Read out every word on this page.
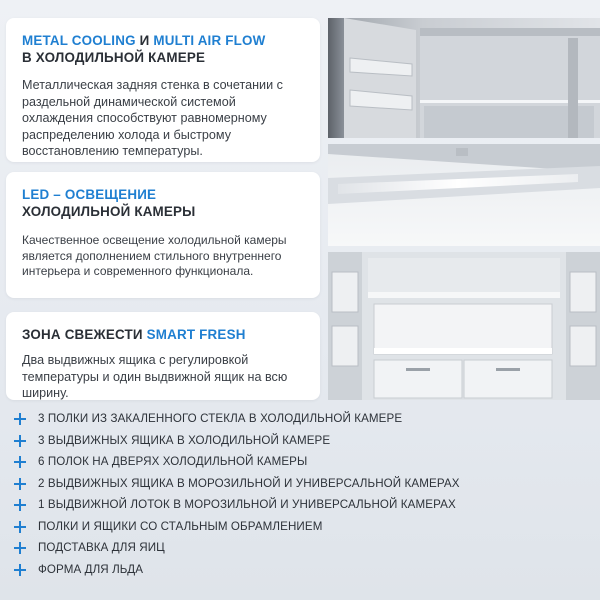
METAL COOLING И MULTI AIR FLOW
В ХОЛОДИЛЬНОЙ КАМЕРЕ

Металлическая задняя стенка в сочетании с раздельной динамической системой охлаждения способствуют равномерному распределению холода и быстрому восстановлению температуры.

LED – ОСВЕЩЕНИЕ
ХОЛОДИЛЬНОЙ КАМЕРЫ

Качественное освещение холодильной камеры является дополнением стильного внутреннего интерьера и современного функционала.

ЗОНА СВЕЖЕСТИ SMART FRESH

Два выдвижных ящика с регулировкой температуры и один выдвижной ящик на всю ширину.

3 ПОЛКИ ИЗ ЗАКАЛЕННОГО СТЕКЛА В ХОЛОДИЛЬНОЙ КАМЕРЕ
3 ВЫДВИЖНЫХ ЯЩИКА В ХОЛОДИЛЬНОЙ КАМЕРЕ
6 ПОЛОК НА ДВЕРЯХ ХОЛОДИЛЬНОЙ КАМЕРЫ
2 ВЫДВИЖНЫХ ЯЩИКА В МОРОЗИЛЬНОЙ И УНИВЕРСАЛЬНОЙ КАМЕРАХ
1 ВЫДВИЖНОЙ ЛОТОК В МОРОЗИЛЬНОЙ И УНИВЕРСАЛЬНОЙ КАМЕРАХ
ПОЛКИ И ЯЩИКИ СО СТАЛЬНЫМ ОБРАМЛЕНИЕМ
ПОДСТАВКА ДЛЯ ЯИЦ
ФОРМА ДЛЯ ЛЬДА
